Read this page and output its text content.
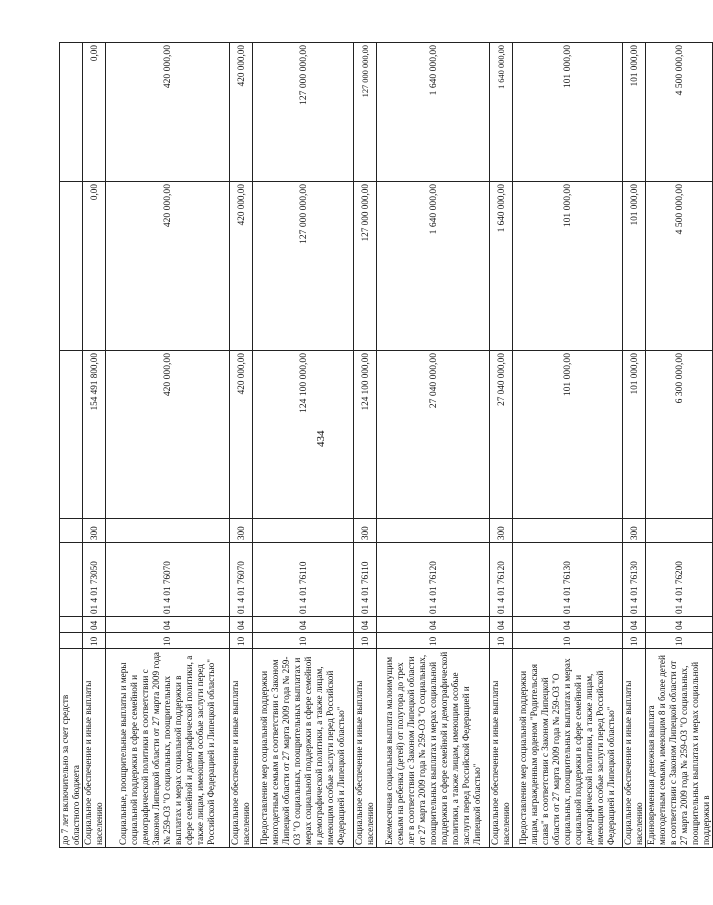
434
до 7 лет включительно за счет средств областного бюджета							
Социальное обеспечение и иные выплаты населению	10	04	01 4 01 73050	300	154 491 800,00	0,00	0,00
Социальные, поощрительные выплаты и меры социальной поддержки в сфере семейной и демографической политики в соответствии с Законом Липецкой области от 27 марта 2009 года № 259-ОЗ "О социальных, поощрительных выплатах и мерах социальной поддержки в сфере семейной и демографической политики, а также лицам, имеющим особые заслуги перед Российской Федерацией и Липецкой областью"	10	04	01 4 01 76070		420 000,00	420 000,00	420 000,00
Социальное обеспечение и иные выплаты населению	10	04	01 4 01 76070	300	420 000,00	420 000,00	420 000,00
Предоставление мер социальной поддержки многодетным семьям в соответствии с Законом Липецкой области от 27 марта 2009 года № 259-ОЗ "О социальных, поощрительных выплатах и мерах социальной поддержки в сфере семейной и демографической политики, а также лицам, имеющим особые заслуги перед Российской Федерацией и Липецкой областью"	10	04	01 4 01 76110		124 100 000,00	127 000 000,00	127 000 000,00
Социальное обеспечение и иные выплаты населению	10	04	01 4 01 76110	300	124 100 000,00	127 000 000,00	127 000 000,00
Ежемесячная социальная выплата малоимущим семьям на ребенка (детей) от полутора до трех лет в соответствии с Законом Липецкой области от 27 марта 2009 года № 259-ОЗ "О социальных, поощрительных выплатах и мерах социальной поддержки в сфере семейной и демографической политики, а также лицам, имеющим особые заслуги перед Российской Федерацией и Липецкой областью"	10	04	01 4 01 76120		27 040 000,00	1 640 000,00	1 640 000,00
Социальное обеспечение и иные выплаты населению	10	04	01 4 01 76120	300	27 040 000,00	1 640 000,00	1 640 000,00
Предоставление мер социальной поддержки лицам, награжденным орденом "Родительская слава" в соответствии с Законом Липецкой области от 27 марта 2009 года № 259-ОЗ "О социальных, поощрительных выплатах и мерах социальной поддержки в сфере семейной и демографической политики, а также лицам, имеющим особые заслуги перед Российской Федерацией и Липецкой областью"	10	04	01 4 01 76130		101 000,00	101 000,00	101 000,00
Социальное обеспечение и иные выплаты населению	10	04	01 4 01 76130	300	101 000,00	101 000,00	101 000,00
Единовременная денежная выплата многодетным семьям, имеющим 8 и более детей в соответствии с Законом Липецкой области от 27 марта 2009 года № 259-ОЗ "О социальных, поощрительных выплатах и мерах социальной поддержки в	10	04	01 4 01 76200		6 300 000,00	4 500 000,00	4 500 000,00
